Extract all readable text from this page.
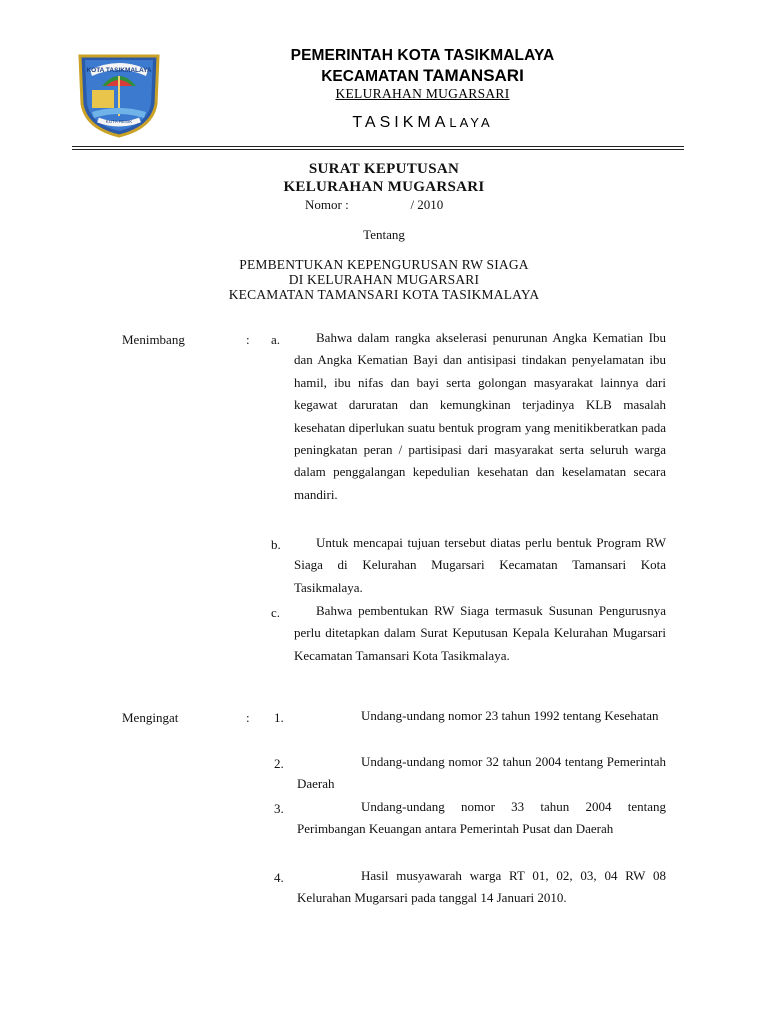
KOTA TASIKMALAYA
KOTA RESIK
PEMERINTAH KOTA TASIKMALAYA
KECAMATAN TAMANSARI
KELURAHAN MUGARSARI
TASIKMALAYA
SURAT KEPUTUSAN
KELURAHAN MUGARSARI
Nomor :                   / 2010
Tentang
PEMBENTUKAN KEPENGURUSAN RW SIAGA
DI KELURAHAN MUGARSARI
KECAMATAN TAMANSARI KOTA TASIKMALAYA
Menimbang	: a.	Bahwa dalam rangka akselerasi penurunan Angka Kematian Ibu dan Angka Kematian Bayi dan antisipasi tindakan penyelamatan ibu hamil, ibu nifas dan bayi serta golongan masyarakat lainnya dari kegawat daruratan dan kemungkinan terjadinya KLB masalah kesehatan diperlukan suatu bentuk program yang menitikberatkan pada peningkatan peran / partisipasi dari masyarakat serta seluruh warga dalam penggalangan kepedulian kesehatan dan keselamatan secara mandiri.
b.	Untuk mencapai tujuan tersebut diatas perlu bentuk Program RW Siaga di Kelurahan Mugarsari Kecamatan Tamansari Kota Tasikmalaya.
c.	Bahwa pembentukan RW Siaga termasuk Susunan Pengurusnya perlu ditetapkan dalam Surat Keputusan Kepala Kelurahan Mugarsari Kecamatan Tamansari Kota Tasikmalaya.
Mengingat	: 1.	Undang-undang nomor 23 tahun 1992 tentang Kesehatan
2.	Undang-undang nomor 32 tahun 2004 tentang Pemerintah Daerah
3.	Undang-undang nomor 33 tahun 2004 tentang Perimbangan Keuangan antara Pemerintah Pusat dan Daerah
4.	Hasil musyawarah warga RT 01, 02, 03, 04 RW 08 Kelurahan Mugarsari pada tanggal 14 Januari 2010.
